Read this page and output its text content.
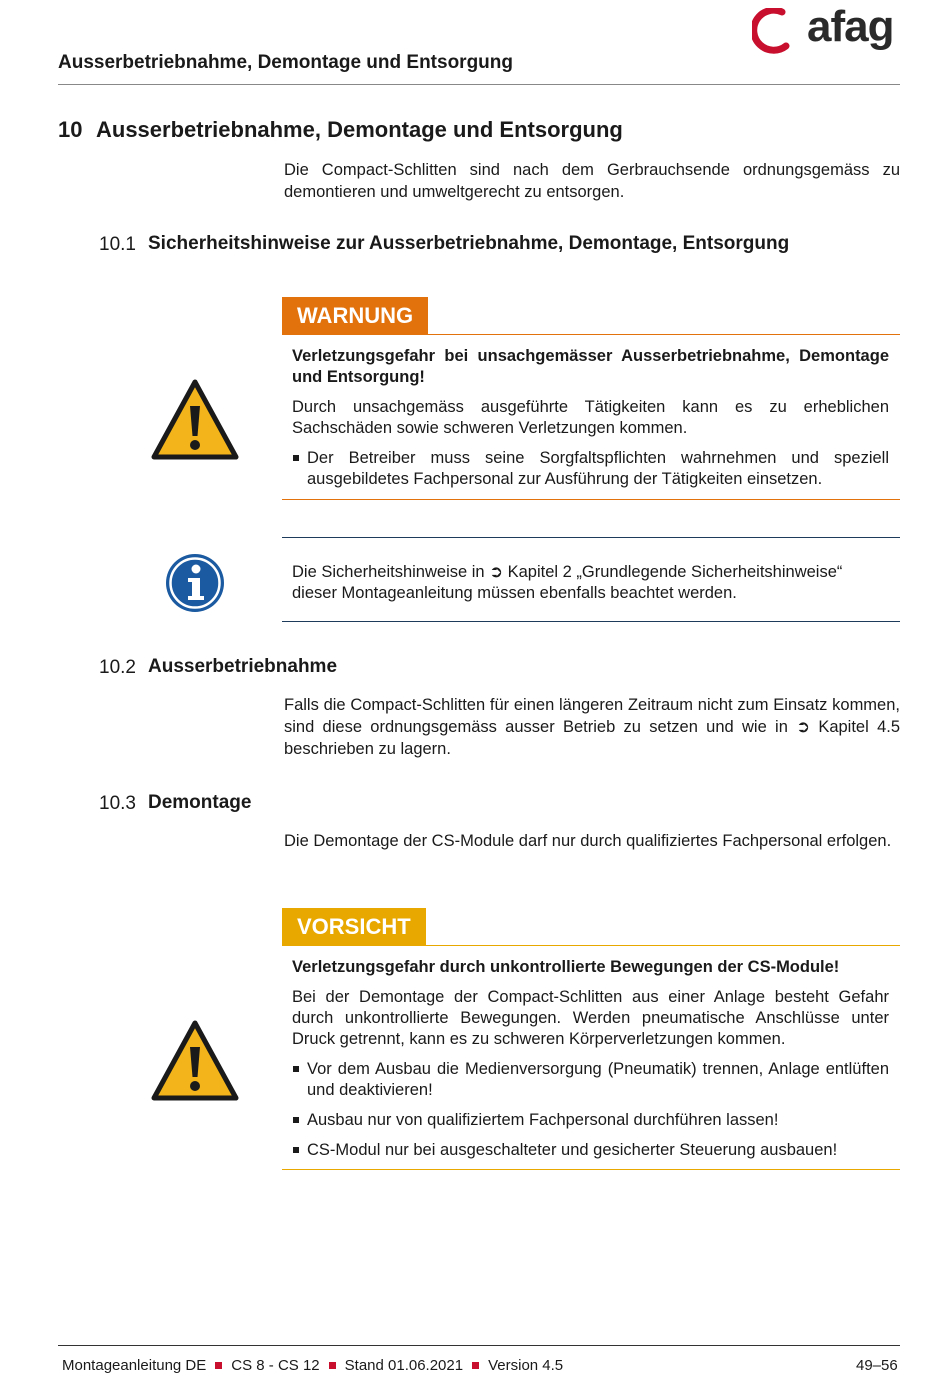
Ausserbetriebnahme, Demontage und Entsorgung
afag
10 Ausserbetriebnahme, Demontage und Entsorgung
Die Compact-Schlitten sind nach dem Gerbrauchsende ordnungsgemäss zu demontieren und umweltgerecht zu entsorgen.
10.1 Sicherheitshinweise zur Ausserbetriebnahme, Demontage, Entsorgung
WARNUNG

Verletzungsgefahr bei unsachgemässer Ausserbetriebnahme, Demontage und Entsorgung!

Durch unsachgemäss ausgeführte Tätigkeiten kann es zu erheblichen Sachschäden sowie schweren Verletzungen kommen.

Der Betreiber muss seine Sorgfaltspflichten wahrnehmen und speziell ausgebildetes Fachpersonal zur Ausführung der Tätigkeiten einsetzen.
Die Sicherheitshinweise in ➲ Kapitel 2 „Grundlegende Sicherheitshinweise“ dieser Montageanleitung müssen ebenfalls beachtet werden.
10.2 Ausserbetriebnahme
Falls die Compact-Schlitten für einen längeren Zeitraum nicht zum Einsatz kommen, sind diese ordnungsgemäss ausser Betrieb zu setzen und wie in ➲ Kapitel 4.5 beschrieben zu lagern.
10.3 Demontage
Die Demontage der CS-Module darf nur durch qualifiziertes Fachpersonal erfolgen.
VORSICHT

Verletzungsgefahr durch unkontrollierte Bewegungen der CS-Module!

Bei der Demontage der Compact-Schlitten aus einer Anlage besteht Gefahr durch unkontrollierte Bewegungen. Werden pneumatische Anschlüsse unter Druck getrennt, kann es zu schweren Körperverletzungen kommen.

Vor dem Ausbau die Medienversorgung (Pneumatik) trennen, Anlage entlüften und deaktivieren!
Ausbau nur von qualifiziertem Fachpersonal durchführen lassen!
CS-Modul nur bei ausgeschalteter und gesicherter Steuerung ausbauen!
Montageanleitung DE CS 8 - CS 12 Stand 01.06.2021 Version 4.5	49–56
